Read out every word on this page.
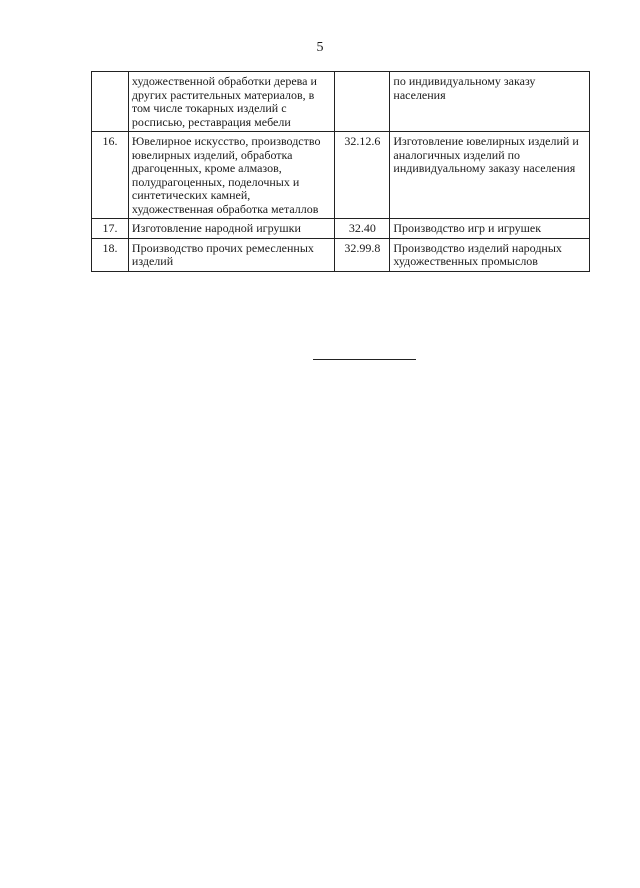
5
	художественной обработки дерева и других растительных материалов, в том числе токарных изделий с росписью, реставрация мебели		по индивидуальному заказу населения
16.	Ювелирное искусство, производство ювелирных изделий, обработка драгоценных, кроме алмазов, полудрагоценных, поделочных и синтетических камней, художественная обработка металлов	32.12.6	Изготовление ювелирных изделий и аналогичных изделий по индивидуальному заказу населения
17.	Изготовление народной игрушки	32.40	Производство игр и игрушек
18.	Производство прочих ремесленных изделий	32.99.8	Производство изделий народных художественных промыслов
